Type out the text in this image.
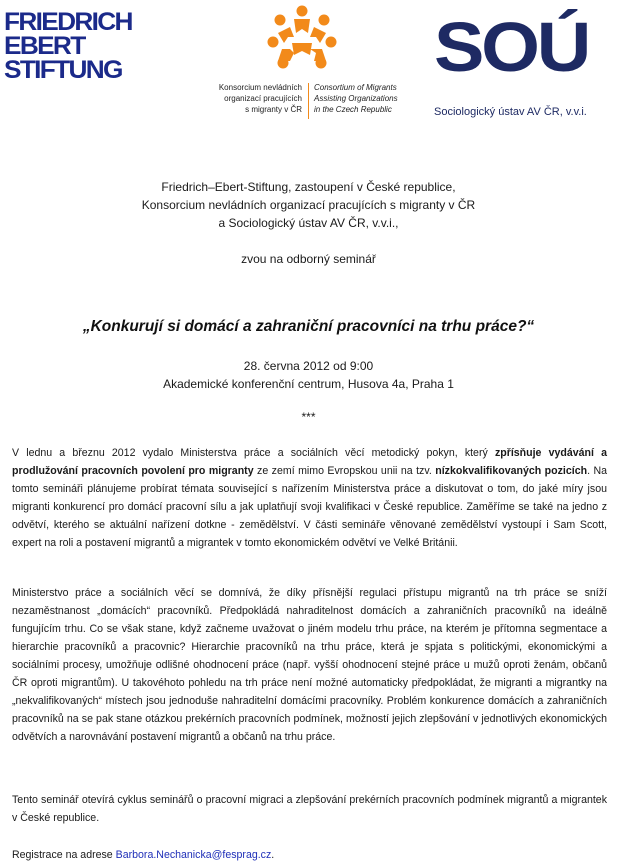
FRIEDRICH
EBERT
STIFTUNG
Konsorcium nevládních
organizací pracujících
s migranty v ČR
Consortium of Migrants
Assisting Organizations
in the Czech Republic
SOÚ
Sociologický ústav AV ČR, v.v.i.
Friedrich–Ebert-Stiftung, zastoupení v České republice,
Konsorcium nevládních organizací pracujících s migranty v ČR
a Sociologický ústav AV ČR, v.v.i.,
zvou na odborný seminář
„Konkurují si domácí a zahraniční pracovníci na trhu práce?“
28. června 2012 od 9:00
Akademické konferenční centrum, Husova 4a, Praha 1
***
V lednu a březnu 2012 vydalo Ministerstva práce a sociálních věcí metodický pokyn, který zpřísňuje vydávání a prodlužování pracovních povolení pro migranty ze zemí mimo Evropskou unii na tzv. nízkokvalifikovaných pozicích. Na tomto semináři plánujeme probírat témata související s nařízením Ministerstva práce a diskutovat o tom, do jaké míry jsou migranti konkurencí pro domácí pracovní sílu a jak uplatňují svoji kvalifikaci v České republice. Zaměříme se také na jedno z odvětví, kterého se aktuální nařízení dotkne - zemědělství. V části semináře věnované zemědělství vystoupí i Sam Scott, expert na roli a postavení migrantů a migrantek v tomto ekonomickém odvětví ve Velké Británii.
Ministerstvo práce a sociálních věcí se domnívá, že díky přísnější regulaci přístupu migrantů na trh práce se sníží nezaměstnanost „domácích“ pracovníků. Předpokládá nahraditelnost domácích a zahraničních pracovníků na ideálně fungujícím trhu. Co se však stane, když začneme uvažovat o jiném modelu trhu práce, na kterém je přítomna segmentace a hierarchie pracovníků a pracovnic? Hierarchie pracovníků na trhu práce, která je spjata s politickými, ekonomickými a sociálními procesy, umožňuje odlišné ohodnocení práce (např. vyšší ohodnocení stejné práce u mužů oproti ženám, občanů ČR oproti migrantům). U takovéhoto pohledu na trh práce není možné automaticky předpokládat, že migranti a migrantky na „nekvalifikovaných“ místech jsou jednoduše nahraditelní domácími pracovníky. Problém konkurence domácích a zahraničních pracovníků na se pak stane otázkou prekérních pracovních podmínek, možností jejich zlepšování v jednotlivých ekonomických odvětvích a narovnávání postavení migrantů a občanů na trhu práce.
Tento seminář otevírá cyklus seminářů o pracovní migraci a zlepšování prekérních pracovních podmínek migrantů a migrantek v České republice.
Registrace na adrese Barbora.Nechanicka@fesprag.cz.
